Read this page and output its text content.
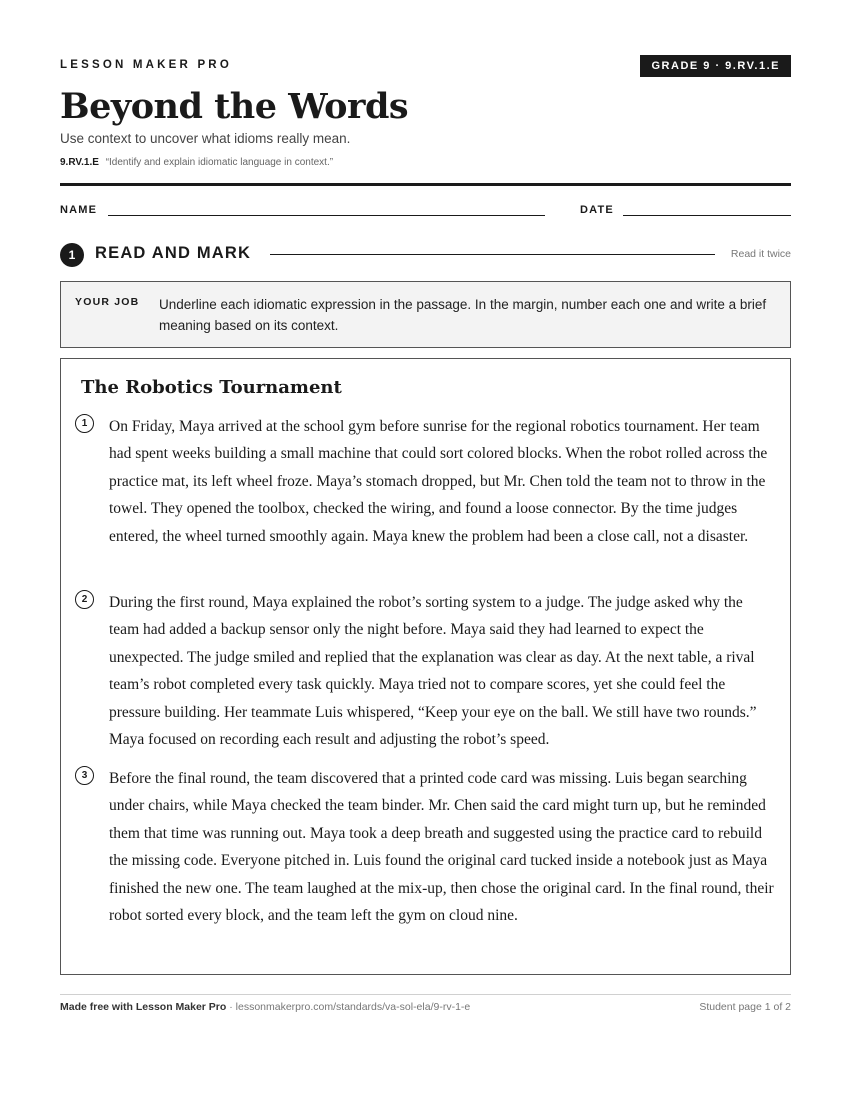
LESSON MAKER PRO	GRADE 9 · 9.RV.1.E
Beyond the Words
Use context to uncover what idioms really mean.
9.RV.1.E “Identify and explain idiomatic language in context.”
NAME	DATE
1	READ AND MARK	Read it twice
YOUR JOB Underline each idiomatic expression in the passage. In the margin, number each one and write a brief meaning based on its context.
The Robotics Tournament
1	On Friday, Maya arrived at the school gym before sunrise for the regional robotics tournament. Her team had spent weeks building a small machine that could sort colored blocks. When the robot rolled across the practice mat, its left wheel froze. Maya’s stomach dropped, but Mr. Chen told the team not to throw in the towel. They opened the toolbox, checked the wiring, and found a loose connector. By the time judges entered, the wheel turned smoothly again. Maya knew the problem had been a close call, not a disaster.

2	During the first round, Maya explained the robot’s sorting system to a judge. The judge asked why the team had added a backup sensor only the night before. Maya said they had learned to expect the unexpected. The judge smiled and replied that the explanation was clear as day. At the next table, a rival team’s robot completed every task quickly. Maya tried not to compare scores, yet she could feel the pressure building. Her teammate Luis whispered, “Keep your eye on the ball. We still have two rounds.” Maya focused on recording each result and adjusting the robot’s speed.

3	Before the final round, the team discovered that a printed code card was missing. Luis began searching under chairs, while Maya checked the team binder. Mr. Chen said the card might turn up, but he reminded them that time was running out. Maya took a deep breath and suggested using the practice card to rebuild the missing code. Everyone pitched in. Luis found the original card tucked inside a notebook just as Maya finished the new one. The team laughed at the mix-up, then chose the original card. In the final round, their robot sorted every block, and the team left the gym on cloud nine.

Made free with Lesson Maker Pro · lessonmakerpro.com/standards/va-sol-ela/9-rv-1-e	Student page 1 of 2
